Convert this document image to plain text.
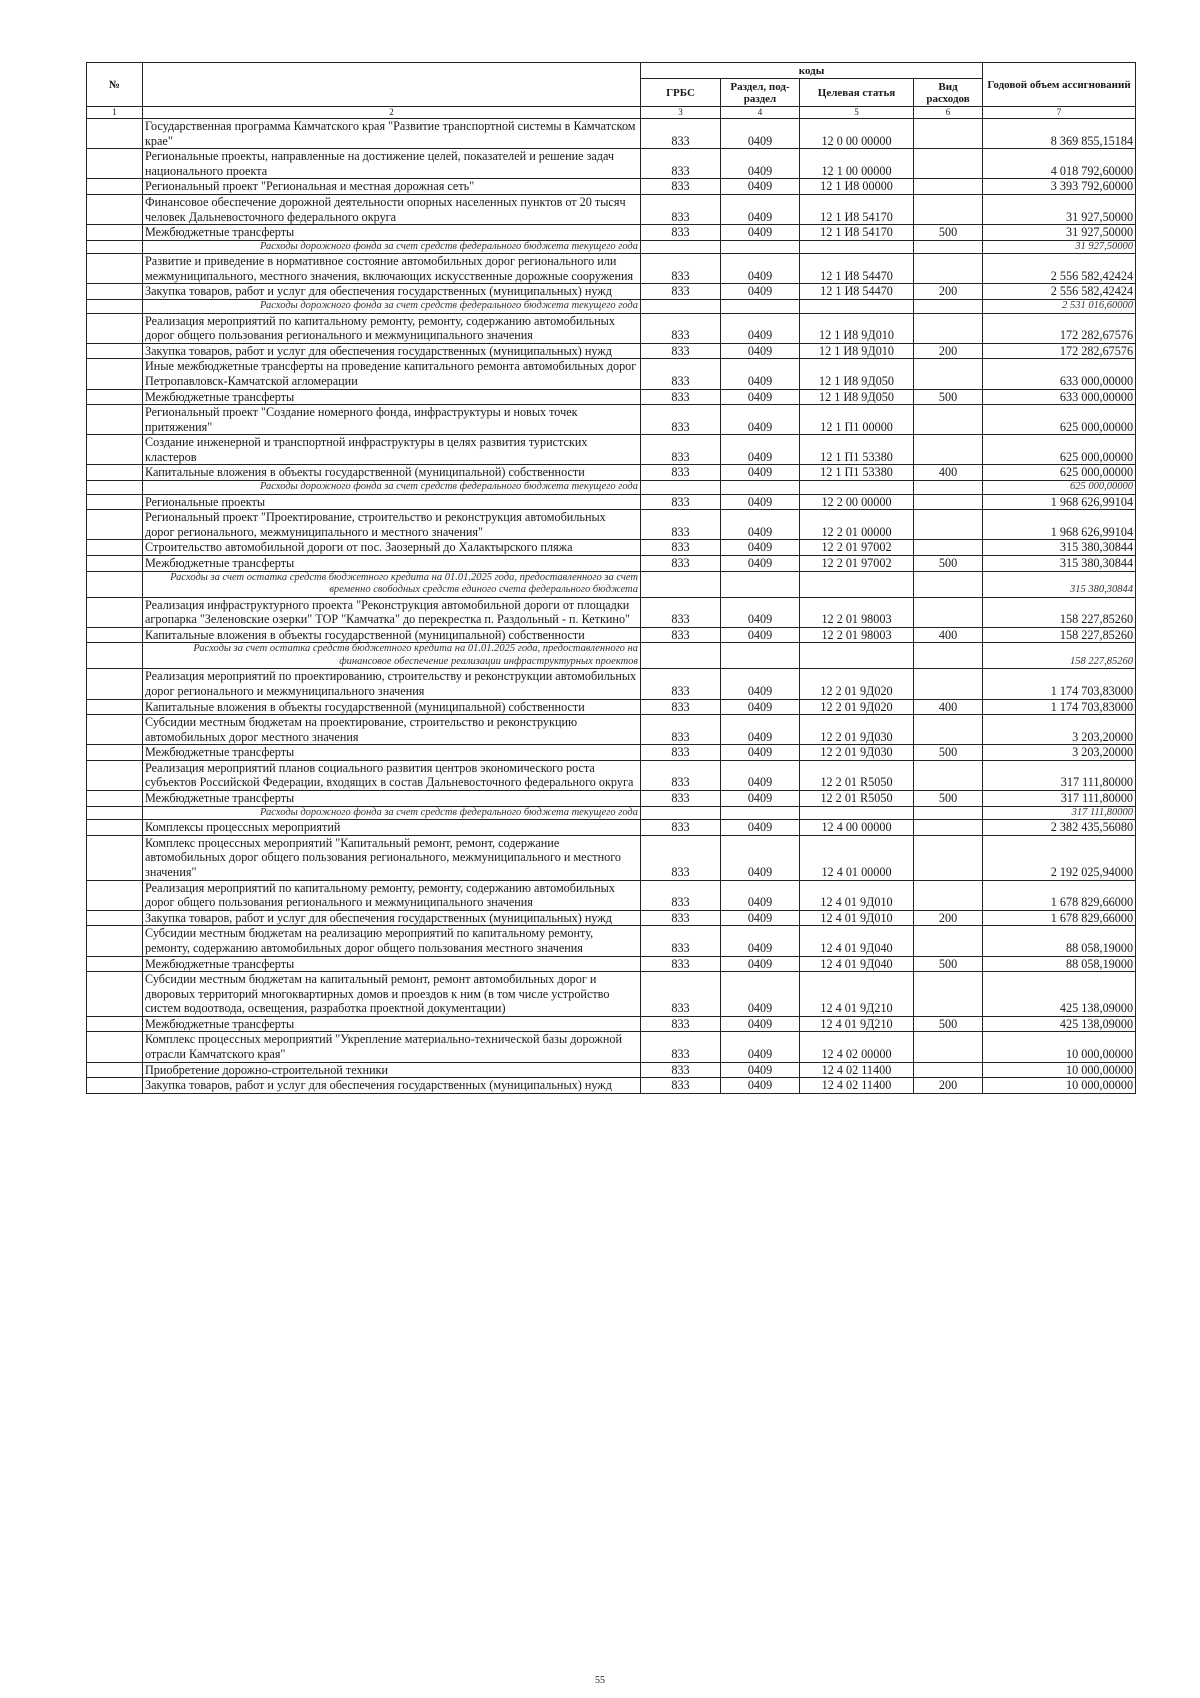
№		коды				Годовой объем ассигнований
		ГРБС	Раздел, под-раздел	Целевая статья	Вид расходов	
1	2	3	4	5	6	7
	Государственная программа Камчатского края "Развитие транспортной системы в Камчатском крае"	833	0409	12 0 00 00000		8 369 855,15184
	Региональные проекты, направленные на достижение целей, показателей и решение задач национального проекта	833	0409	12 1 00 00000		4 018 792,60000
	Региональный проект "Региональная и местная дорожная сеть"	833	0409	12 1 И8 00000		3 393 792,60000
	Финансовое обеспечение дорожной деятельности опорных населенных пунктов от 20 тысяч человек Дальневосточного федерального округа	833	0409	12 1 И8 54170		31 927,50000
	Межбюджетные трансферты	833	0409	12 1 И8 54170	500	31 927,50000
	Расходы дорожного фонда за счет средств федерального бюджета текущего года					31 927,50000
	Развитие и приведение в нормативное состояние автомобильных дорог регионального или межмуниципального, местного значения, включающих искусственные дорожные сооружения	833	0409	12 1 И8 54470		2 556 582,42424
	Закупка товаров, работ и услуг для обеспечения государственных (муниципальных) нужд	833	0409	12 1 И8 54470	200	2 556 582,42424
	Расходы дорожного фонда за счет средств федерального бюджета текущего года					2 531 016,60000
	Реализация мероприятий по капитальному ремонту, ремонту, содержанию автомобильных дорог общего пользования регионального и межмуниципального значения	833	0409	12 1 И8 9Д010		172 282,67576
	Закупка товаров, работ и услуг для обеспечения государственных (муниципальных) нужд	833	0409	12 1 И8 9Д010	200	172 282,67576
	Иные межбюджетные трансферты на проведение капитального ремонта автомобильных дорог Петропавловск-Камчатской агломерации	833	0409	12 1 И8 9Д050		633 000,00000
	Межбюджетные трансферты	833	0409	12 1 И8 9Д050	500	633 000,00000
	Региональный проект "Создание номерного фонда, инфраструктуры и новых точек притяжения"	833	0409	12 1 П1 00000		625 000,00000
	Создание инженерной и транспортной инфраструктуры в целях развития туристских кластеров	833	0409	12 1 П1 53380		625 000,00000
	Капитальные вложения в объекты государственной (муниципальной) собственности	833	0409	12 1 П1 53380	400	625 000,00000
	Расходы дорожного фонда за счет средств федерального бюджета текущего года					625 000,00000
	Региональные проекты	833	0409	12 2 00 00000		1 968 626,99104
	Региональный проект "Проектирование, строительство и реконструкция автомобильных дорог регионального, межмуниципального и местного значения"	833	0409	12 2 01 00000		1 968 626,99104
	Строительство автомобильной дороги от пос. Заозерный до Халактырского пляжа	833	0409	12 2 01 97002		315 380,30844
	Межбюджетные трансферты	833	0409	12 2 01 97002	500	315 380,30844
	Расходы за счет остатка средств бюджетного кредита на 01.01.2025 года, предоставленного за счет временно свободных средств единого счета федерального бюджета					315 380,30844
	Реализация инфраструктурного проекта "Реконструкция автомобильной дороги от площадки агропарка "Зеленовские озерки" ТОР "Камчатка" до перекрестка п. Раздольный - п. Кеткино"	833	0409	12 2 01 98003		158 227,85260
	Капитальные вложения в объекты государственной (муниципальной) собственности	833	0409	12 2 01 98003	400	158 227,85260
	Расходы за счет остатка средств бюджетного кредита на 01.01.2025 года, предоставленного на финансовое обеспечение реализации инфраструктурных проектов					158 227,85260
	Реализация мероприятий по проектированию, строительству и реконструкции автомобильных дорог регионального и межмуниципального значения	833	0409	12 2 01 9Д020		1 174 703,83000
	Капитальные вложения в объекты государственной (муниципальной) собственности	833	0409	12 2 01 9Д020	400	1 174 703,83000
	Субсидии местным бюджетам на проектирование, строительство и реконструкцию автомобильных дорог местного значения	833	0409	12 2 01 9Д030		3 203,20000
	Межбюджетные трансферты	833	0409	12 2 01 9Д030	500	3 203,20000
	Реализация мероприятий планов социального развития центров экономического роста субъектов Российской Федерации, входящих в состав Дальневосточного федерального округа	833	0409	12 2 01 R5050		317 111,80000
	Межбюджетные трансферты	833	0409	12 2 01 R5050	500	317 111,80000
	Расходы дорожного фонда за счет средств федерального бюджета текущего года					317 111,80000
	Комплексы процессных мероприятий	833	0409	12 4 00 00000		2 382 435,56080
	Комплекс процессных мероприятий "Капитальный ремонт, ремонт, содержание автомобильных дорог общего пользования регионального, межмуниципального и местного значения"	833	0409	12 4 01 00000		2 192 025,94000
	Реализация мероприятий по капитальному ремонту, ремонту, содержанию автомобильных дорог общего пользования регионального и межмуниципального значения	833	0409	12 4 01 9Д010		1 678 829,66000
	Закупка товаров, работ и услуг для обеспечения государственных (муниципальных) нужд	833	0409	12 4 01 9Д010	200	1 678 829,66000
	Субсидии местным бюджетам на реализацию мероприятий по капитальному ремонту, ремонту, содержанию автомобильных дорог общего пользования местного значения	833	0409	12 4 01 9Д040		88 058,19000
	Межбюджетные трансферты	833	0409	12 4 01 9Д040	500	88 058,19000
	Субсидии местным бюджетам на капитальный ремонт, ремонт автомобильных дорог и дворовых территорий многоквартирных домов и проездов к ним (в том числе устройство систем водоотвода, освещения, разработка проектной документации)	833	0409	12 4 01 9Д210		425 138,09000
	Межбюджетные трансферты	833	0409	12 4 01 9Д210	500	425 138,09000
	Комплекс процессных мероприятий "Укрепление материально-технической базы дорожной отрасли Камчатского края"	833	0409	12 4 02 00000		10 000,00000
	Приобретение дорожно-строительной техники	833	0409	12 4 02 11400		10 000,00000
	Закупка товаров, работ и услуг для обеспечения государственных (муниципальных) нужд	833	0409	12 4 02 11400	200	10 000,00000
55
